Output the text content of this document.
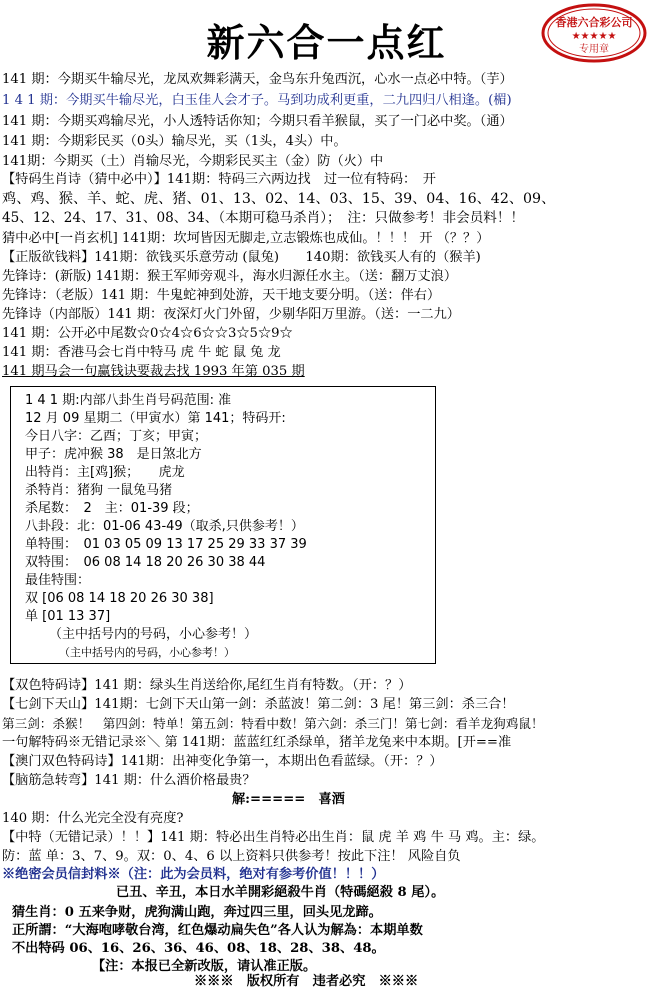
新六合一点红	香港六合彩公司
★★★★★
专用章
141 期：今期买牛输尽光，龙凤欢舞彩满天，金鸟东升兔西沉，心水一点必中特。（芋）
1 4 1 期：今期买牛输尽光，白玉佳人会才子。马到功成利更重，二九四归八相逢。(楣)
141 期：今期买鸡输尽光，小人透特话你知；今期只看羊猴鼠，买了一门必中奖。（通）
141 期：今期彩民买（0头）输尽光，买（1头，4头）中。
141期：今期买（土）肖输尽光，今期彩民买主（金）防（火）中
【特码生肖诗（猜中必中）】141期：特码三六两边找　过一位有特码：　开
鸡、鸡、猴、羊、蛇、虎、猪、01、13、02、14、03、15、39、04、16、42、09、
45、12、24、17、31、08、34、（本期可稳马杀肖）；　注：只做参考！非会员料！！
猜中必中[一肖玄机] 141期：坎坷皆因无脚走,立志锻炼也成仙。！！！ 开 （？？）
【正版欲钱料】141期：欲钱买乐意劳动 (鼠兔)　　140期：欲钱买人有的（猴羊)
先锋诗：(新版) 141期：猴王军师旁观斗，海水归源任水主。（送：翻万丈浪）
先锋诗：（老版）141 期：牛鬼蛇神到处游，天干地支要分明。（送：伴右）
先锋诗（内部版）141 期：夜深灯火门外留，少剔华阳万里游。（送：一二九）
141 期：公开必中尾数☆0☆4☆6☆☆3☆5☆9☆
141 期：香港马会七肖中特马 虎 牛 蛇 鼠 兔 龙
141 期马会一句赢钱诀要裁去找 1993 年第 035 期
1 4 1 期:内部八卦生肖号码范围: 准
12 月 09 星期二（甲寅水）第 141；特码开:
今日八字：乙酉；丁亥；甲寅；
甲子：虎冲猴 38　是日煞北方
出特肖：主[鸡]猴；　　虎龙
杀特肖：猪狗 一鼠兔马猪
杀尾数：　2　主：01-39 段；
八卦段：北：01-06 43-49（取杀,只供参考！）
单特围：　01 03 05 09 13 17 25 29 33 37 39
双特围：　06 08 14 18 20 26 30 38 44
最佳特围：
双 [06 08 14 18 20 26 30 38]
单 [01 13 37]
（主中括号内的号码，小心参考！）
（主中括号内的号码，小心参考！）
【双色特码诗】141 期：绿头生肖送给你,尾红生肖有特数。（开：？）
【七剑下天山】141期：七剑下天山第一剑：杀蓝波！第二剑：3 尾！第三剑：杀三合！
第三剑：杀猴！　第四剑：特单！第五剑：特看中数！第六剑：杀三门！第七剑：看羊龙狗鸡鼠！
一句解特码※无错记录※＼ 第 141期：蓝蓝红红杀绿单，猪羊龙兔来中本期。[开==准
【澳门双色特码诗】141期：出神变化争第一，本期出色看蓝绿。（开：？）
【脑筋急转弯】141 期：什么酒价格最贵？
解:=====　喜酒
140 期：什么光完全没有亮度?
【中特（无错记录）！！】141 期：特必出生肖特必出生肖：鼠 虎 羊 鸡 牛 马 鸡。主：绿。
防：蓝 单：3、7、9。双：0、4、6 以上资料只供参考！按此下注！ 风险自负
※绝密会员信封料※（注：此为会员料，绝对有参考价值！！！）
已丑、辛丑，本日水羊開彩絕殺牛肖（特碼絕殺 8 尾）。
猜生肖：0 五来争财，虎狗满山跑，奔过四三里，回头见龙蹄。
正所謂：“大海咆哮敬台湾，红色爆动扁失色”各人认为解為：本期单数
不出特码 06、16、26、36、46、08、18、28、38、48。
【注：本报已全新改版，请认准正版。
※※※　版权所有　违者必究　※※※
